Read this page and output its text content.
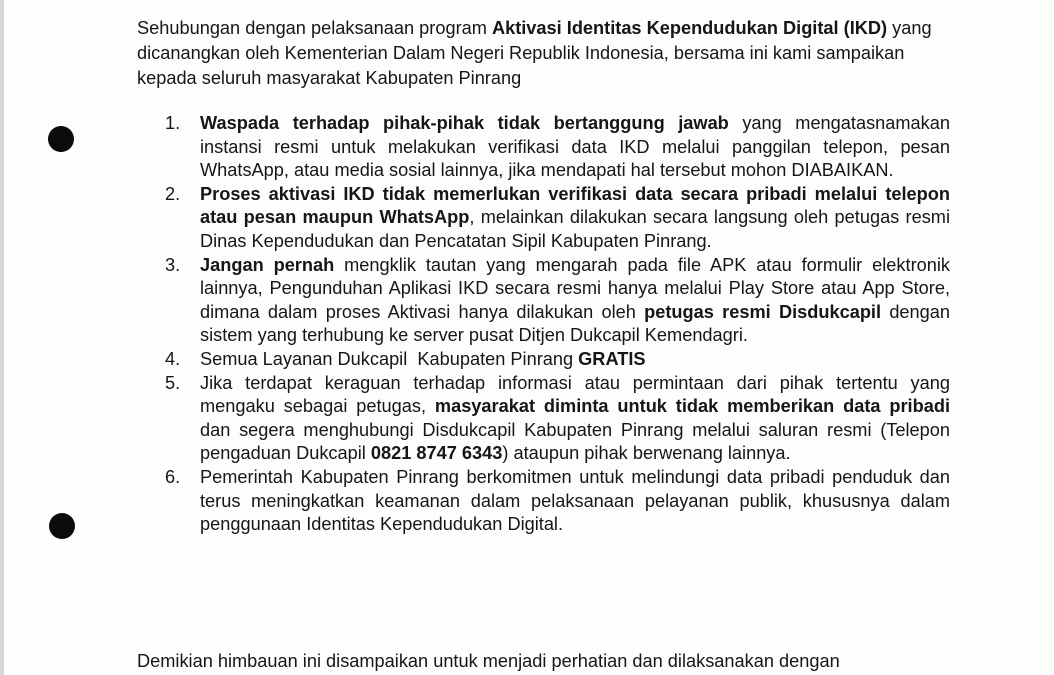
Sehubungan dengan pelaksanaan program Aktivasi Identitas Kependudukan Digital (IKD) yang dicanangkan oleh Kementerian Dalam Negeri Republik Indonesia, bersama ini kami sampaikan kepada seluruh masyarakat Kabupaten Pinrang

1. Waspada terhadap pihak-pihak tidak bertanggung jawab yang mengatasnamakan instansi resmi untuk melakukan verifikasi data IKD melalui panggilan telepon, pesan WhatsApp, atau media sosial lainnya, jika mendapati hal tersebut mohon DIABAIKAN.
2. Proses aktivasi IKD tidak memerlukan verifikasi data secara pribadi melalui telepon atau pesan maupun WhatsApp, melainkan dilakukan secara langsung oleh petugas resmi Dinas Kependudukan dan Pencatatan Sipil Kabupaten Pinrang.
3. Jangan pernah mengklik tautan yang mengarah pada file APK atau formulir elektronik lainnya, Pengunduhan Aplikasi IKD secara resmi hanya melalui Play Store atau App Store, dimana dalam proses Aktivasi hanya dilakukan oleh petugas resmi Disdukcapil dengan sistem yang terhubung ke server pusat Ditjen Dukcapil Kemendagri.
4. Semua Layanan Dukcapil  Kabupaten Pinrang GRATIS
5. Jika terdapat keraguan terhadap informasi atau permintaan dari pihak tertentu yang mengaku sebagai petugas, masyarakat diminta untuk tidak memberikan data pribadi dan segera menghubungi Disdukcapil Kabupaten Pinrang melalui saluran resmi (Telepon pengaduan Dukcapil 0821 8747 6343) ataupun pihak berwenang lainnya.
6. Pemerintah Kabupaten Pinrang berkomitmen untuk melindungi data pribadi penduduk dan terus meningkatkan keamanan dalam pelaksanaan pelayanan publik, khususnya dalam penggunaan Identitas Kependudukan Digital.

Demikian himbauan ini disampaikan untuk menjadi perhatian dan dilaksanakan dengan
